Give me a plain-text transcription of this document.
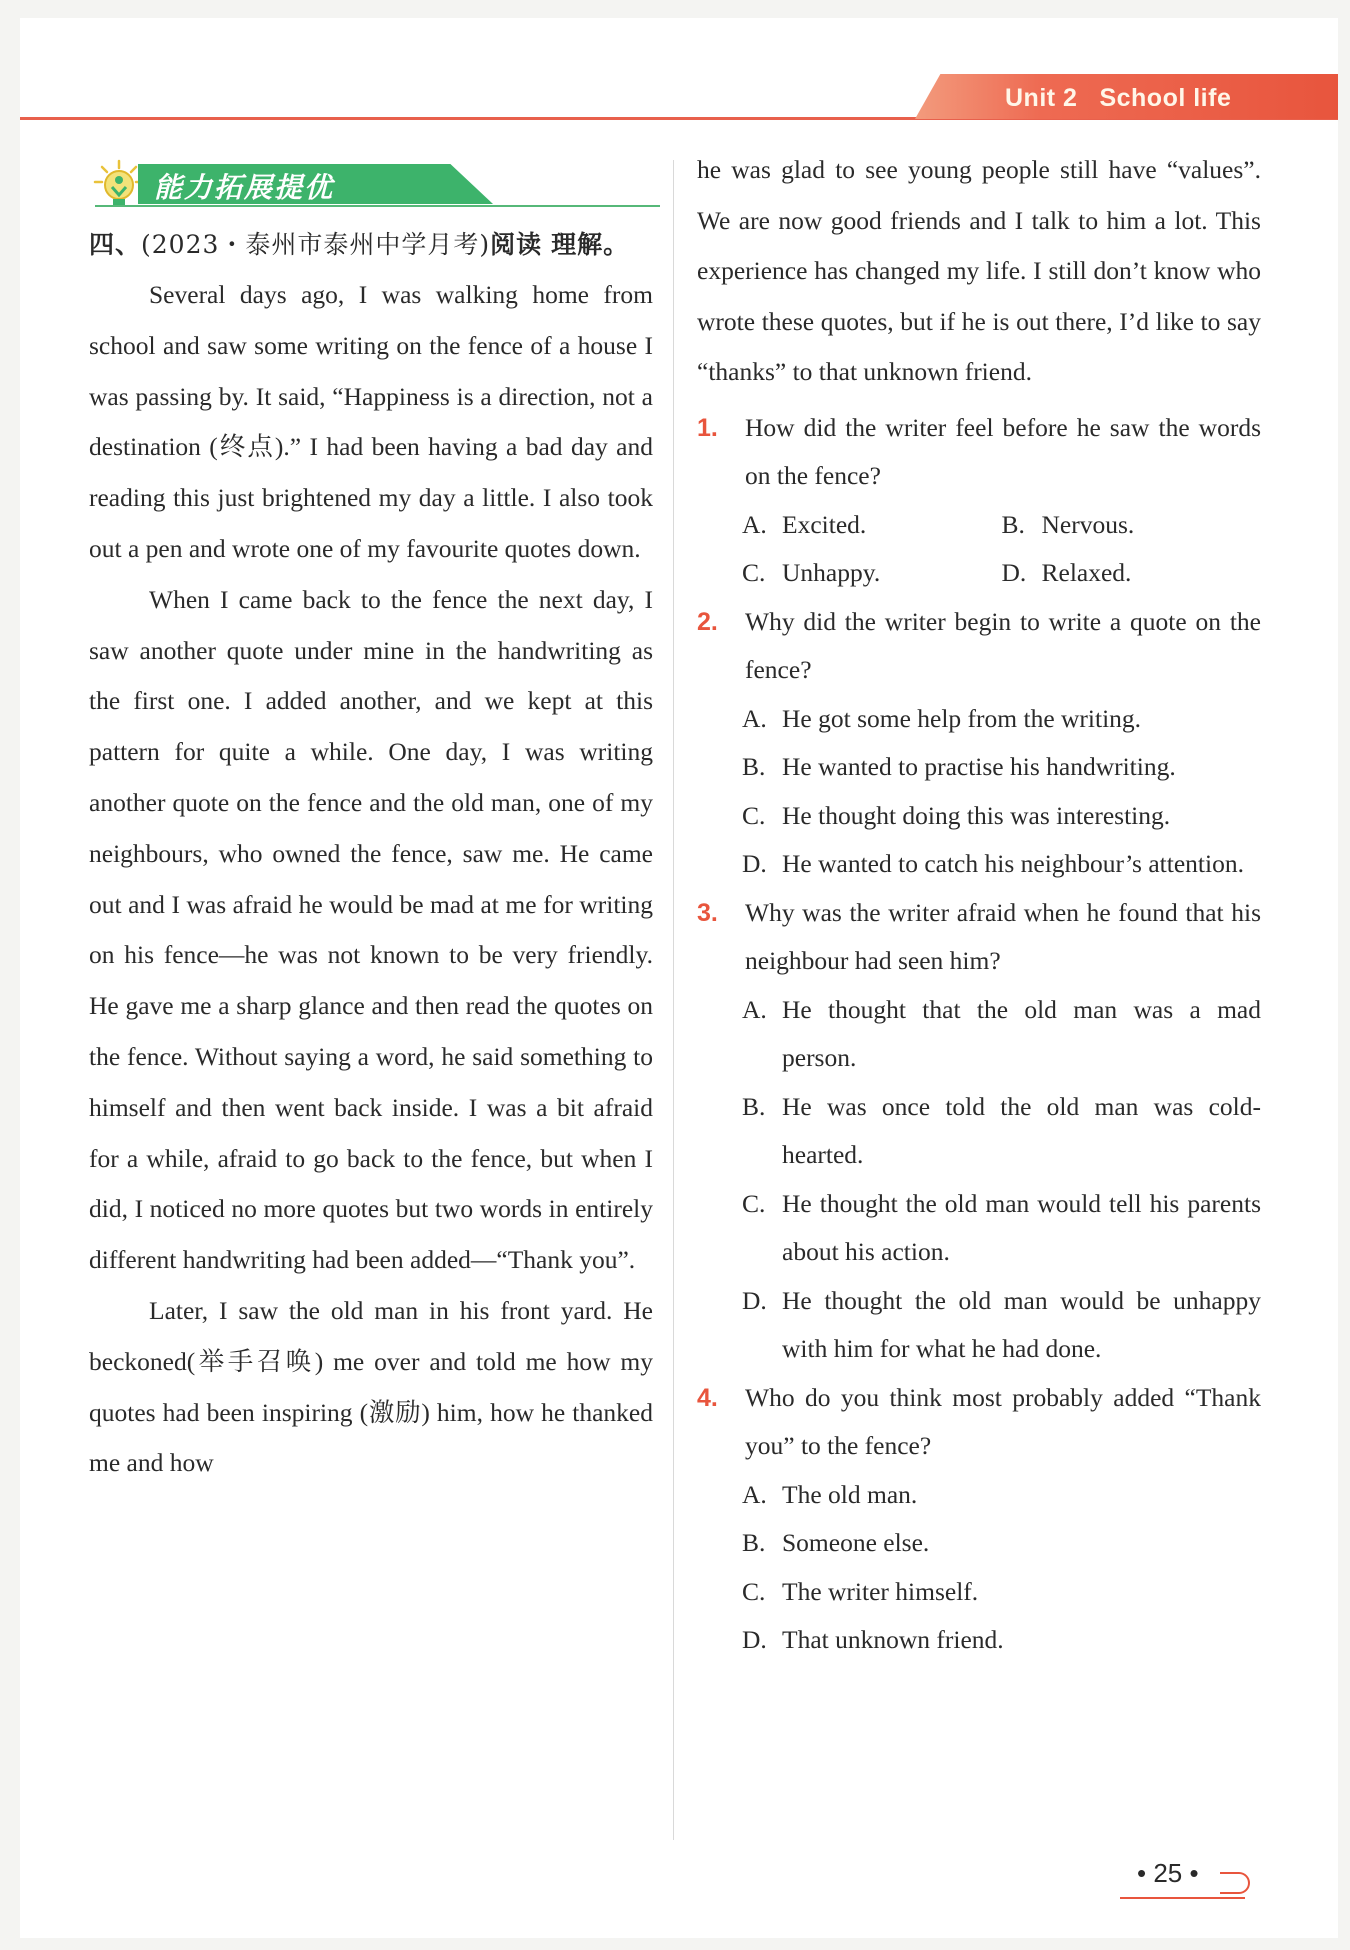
Unit 2 School life
能力拓展提优

四、(2023・泰州市泰州中学月考)阅读 理解。

Several days ago, I was walking home from school and saw some writing on the fence of a house I was passing by. It said, “Happiness is a direction, not a destination (终点).” I had been having a bad day and reading this just brightened my day a little. I also took out a pen and wrote one of my favourite quotes down.

When I came back to the fence the next day, I saw another quote under mine in the handwriting as the first one. I added another, and we kept at this pattern for quite a while. One day, I was writing another quote on the fence and the old man, one of my neighbours, who owned the fence, saw me. He came out and I was afraid he would be mad at me for writing on his fence—he was not known to be very friendly. He gave me a sharp glance and then read the quotes on the fence. Without saying a word, he said something to himself and then went back inside. I was a bit afraid for a while, afraid to go back to the fence, but when I did, I noticed no more quotes but two words in entirely different handwriting had been added—“Thank you”.

Later, I saw the old man in his front yard. He beckoned(举手召唤) me over and told me how my quotes had been inspiring (激励) him, how he thanked me and how

he was glad to see young people still have “values”. We are now good friends and I talk to him a lot. This experience has changed my life. I still don’t know who wrote these quotes, but if he is out there, I’d like to say “thanks” to that unknown friend.

1. How did the writer feel before he saw the words on the fence?
A. Excited.	B. Nervous.
C. Unhappy.	D. Relaxed.
2. Why did the writer begin to write a quote on the fence?
A. He got some help from the writing.
B. He wanted to practise his handwriting.
C. He thought doing this was interesting.
D. He wanted to catch his neighbour’s attention.
3. Why was the writer afraid when he found that his neighbour had seen him?
A. He thought that the old man was a mad person.
B. He was once told the old man was cold-hearted.
C. He thought the old man would tell his parents about his action.
D. He thought the old man would be unhappy with him for what he had done.
4. Who do you think most probably added “Thank you” to the fence?
A. The old man.
B. Someone else.
C. The writer himself.
D. That unknown friend.
• 25 •
